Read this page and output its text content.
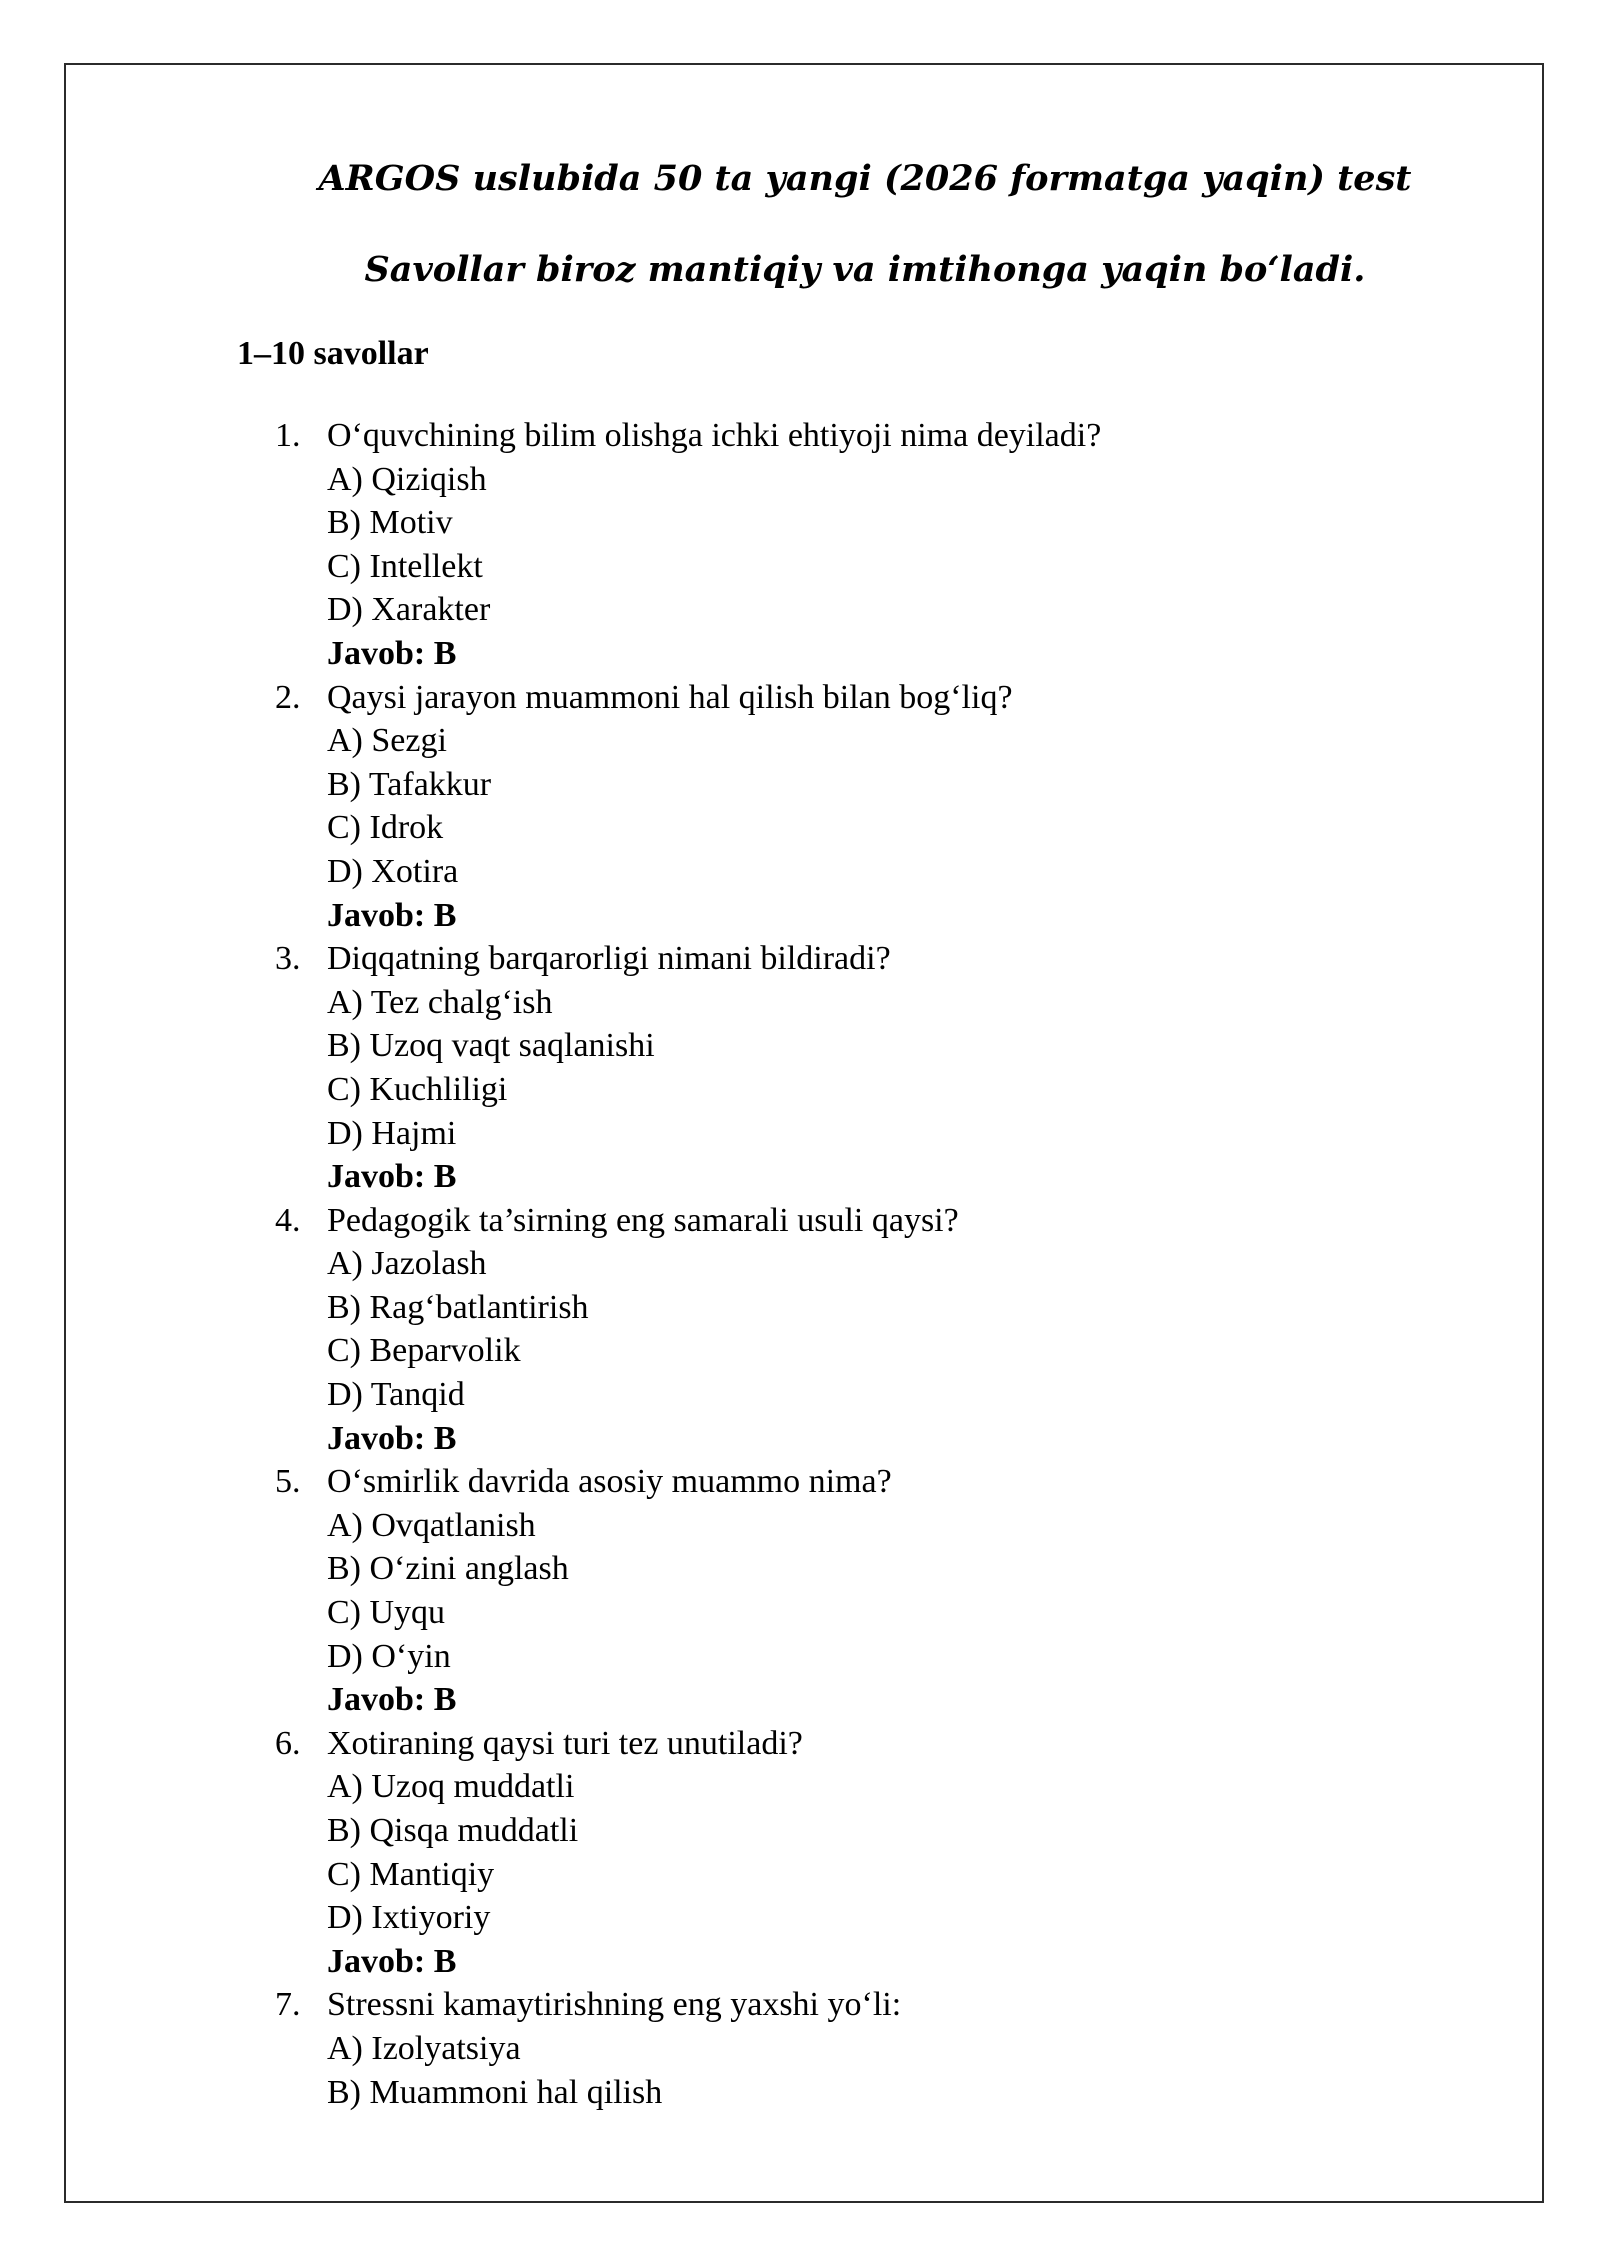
ARGOS uslubida 50 ta yangi (2026 formatga yaqin) test
Savollar biroz mantiqiy va imtihonga yaqin bo‘ladi.
1–10 savollar
1. O‘quvchining bilim olishga ichki ehtiyoji nima deyiladi?
A) Qiziqish
B) Motiv
C) Intellekt
D) Xarakter
Javob: B
2. Qaysi jarayon muammoni hal qilish bilan bog‘liq?
A) Sezgi
B) Tafakkur
C) Idrok
D) Xotira
Javob: B
3. Diqqatning barqarorligi nimani bildiradi?
A) Tez chalg‘ish
B) Uzoq vaqt saqlanishi
C) Kuchliligi
D) Hajmi
Javob: B
4. Pedagogik ta’sirning eng samarali usuli qaysi?
A) Jazolash
B) Rag‘batlantirish
C) Beparvolik
D) Tanqid
Javob: B
5. O‘smirlik davrida asosiy muammo nima?
A) Ovqatlanish
B) O‘zini anglash
C) Uyqu
D) O‘yin
Javob: B
6. Xotiraning qaysi turi tez unutiladi?
A) Uzoq muddatli
B) Qisqa muddatli
C) Mantiqiy
D) Ixtiyoriy
Javob: B
7. Stressni kamaytirishning eng yaxshi yo‘li:
A) Izolyatsiya
B) Muammoni hal qilish
